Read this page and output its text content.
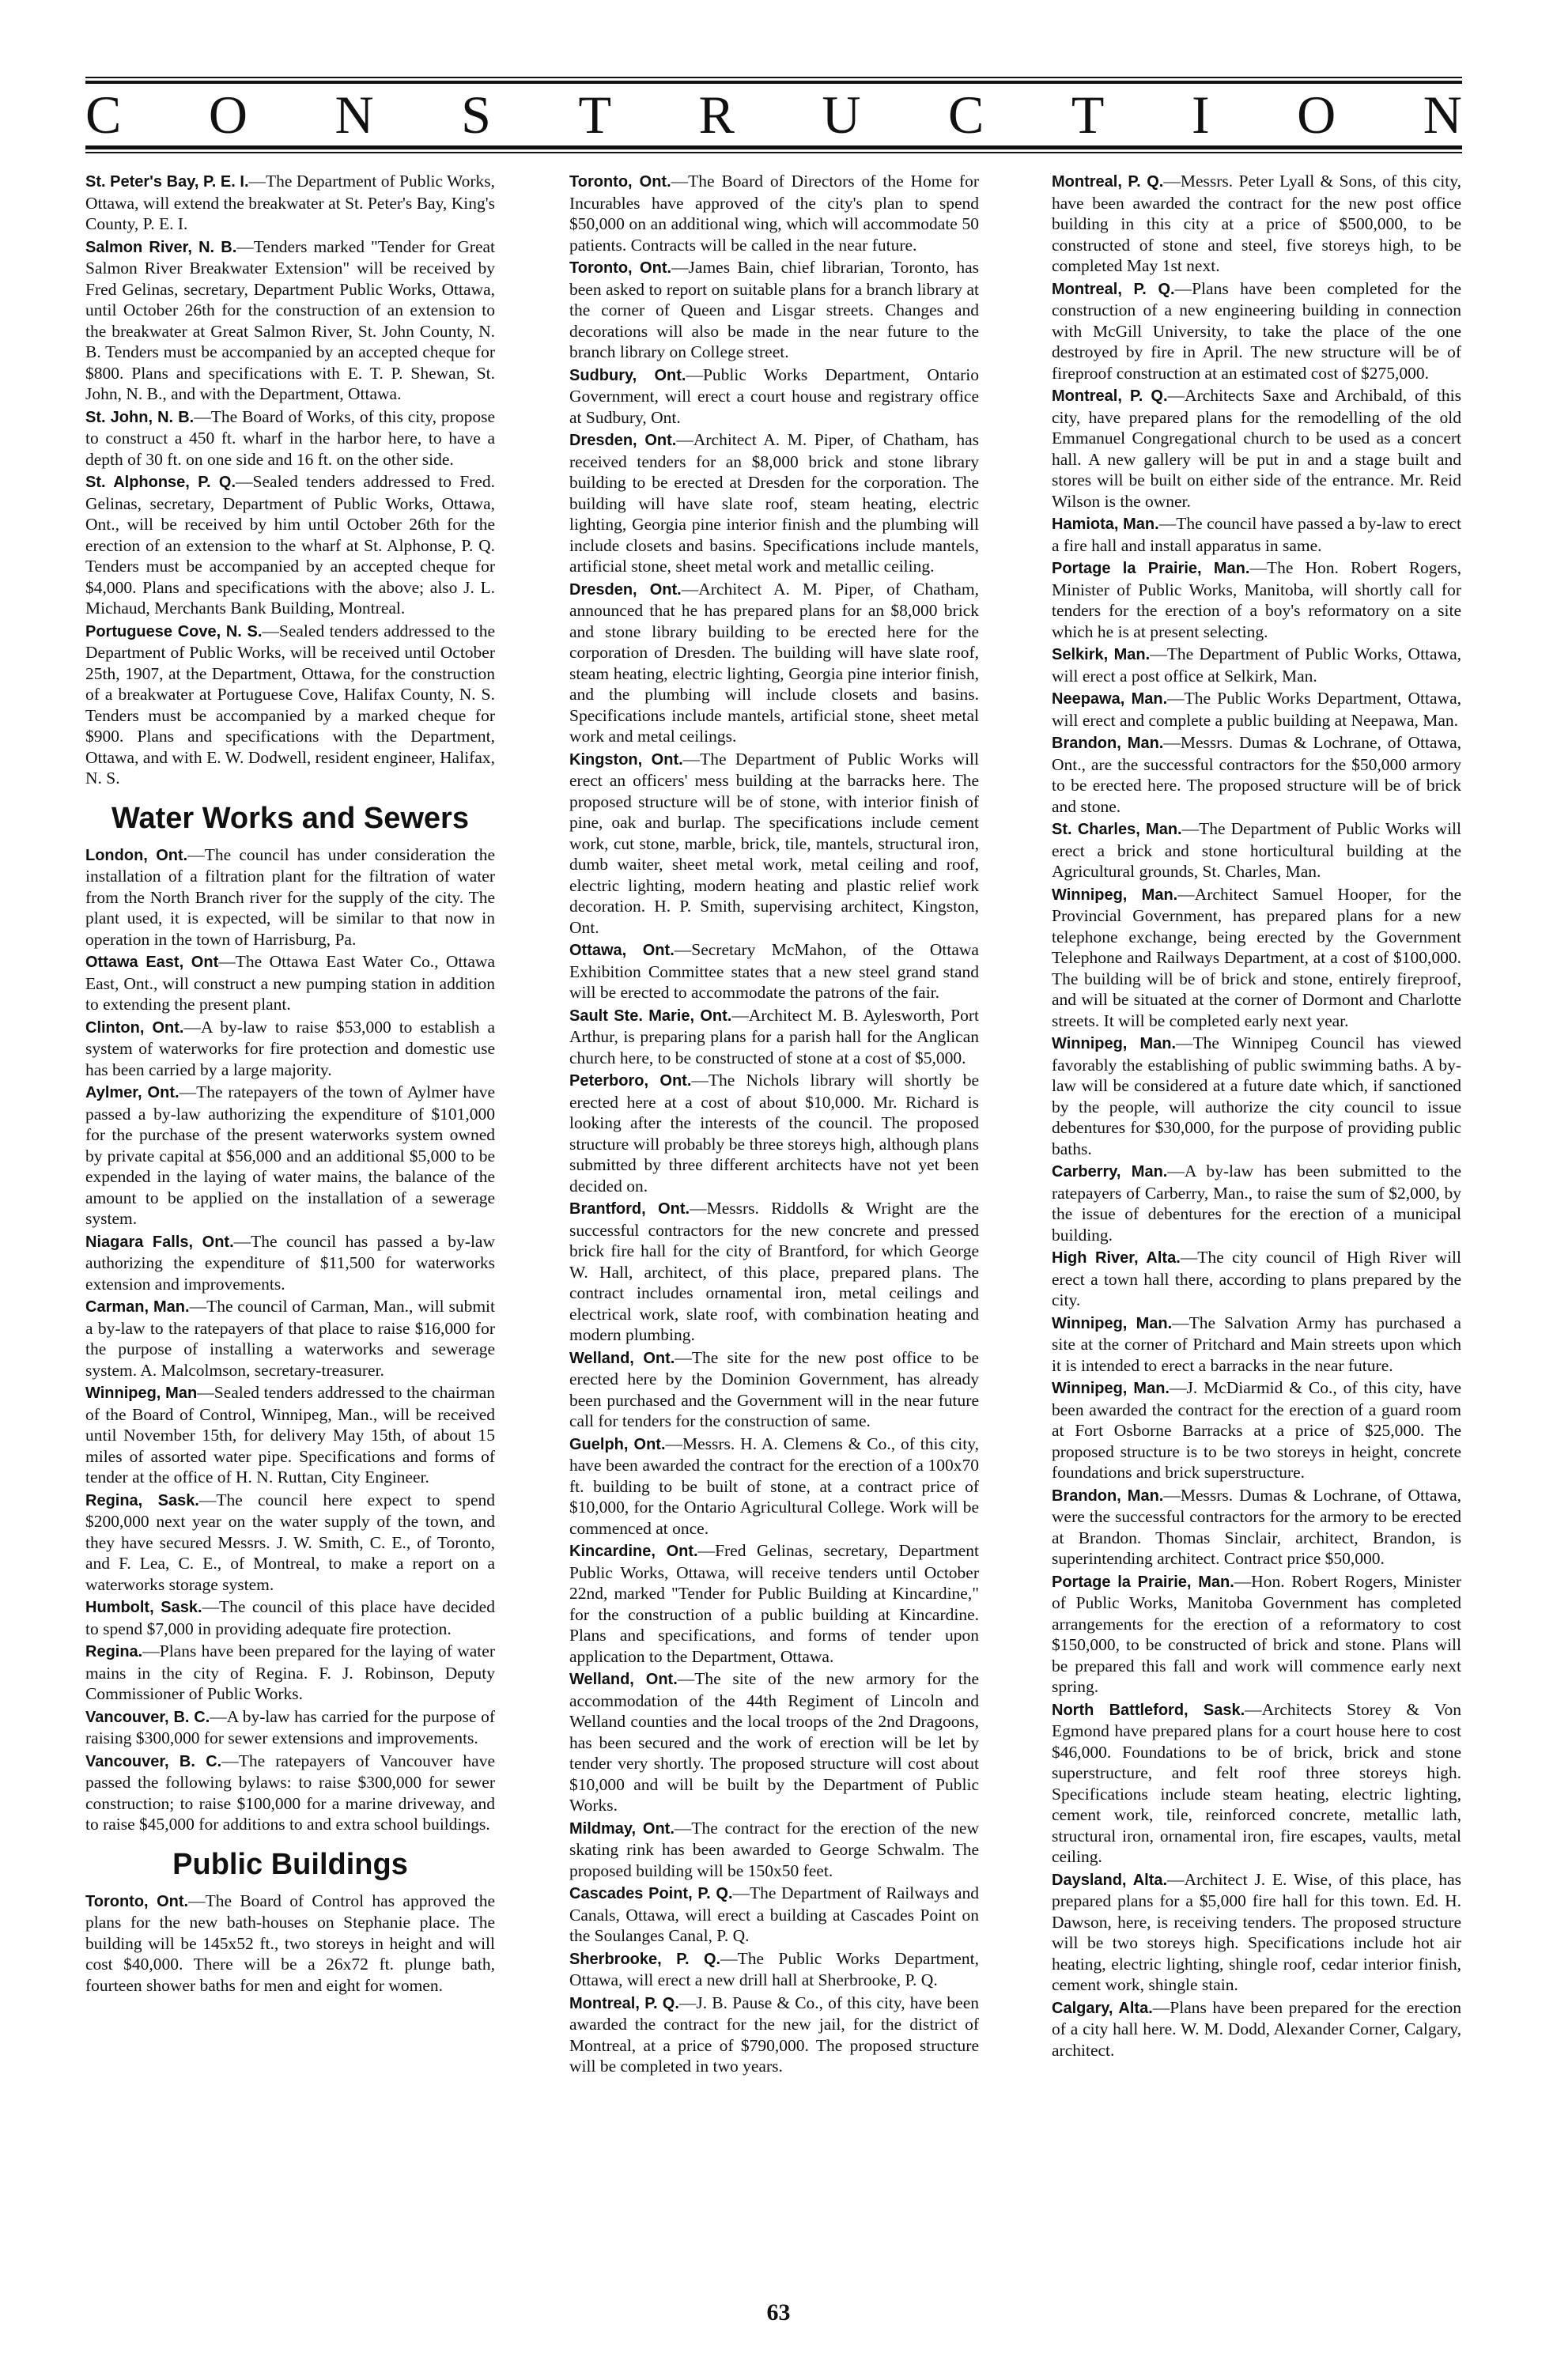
C O N S T R U C T I O N

St. Peter's Bay, P. E. I.—The Department of Public Works, Ottawa, will extend the breakwater at St. Peter's Bay, King's County, P. E. I.

Salmon River, N. B.—Tenders marked "Tender for Great Salmon River Breakwater Extension" will be received by Fred Gelinas, secretary, Department Public Works, Ottawa, until October 26th for the construction of an extension to the breakwater at Great Salmon River, St. John County, N. B. Tenders must be accompanied by an accepted cheque for $800. Plans and specifications with E. T. P. Shewan, St. John, N. B., and with the Department, Ottawa.

St. John, N. B.—The Board of Works, of this city, propose to construct a 450 ft. wharf in the harbor here, to have a depth of 30 ft. on one side and 16 ft. on the other side.

St. Alphonse, P. Q.—Sealed tenders addressed to Fred. Gelinas, secretary, Department of Public Works, Ottawa, Ont., will be received by him until October 26th for the erection of an extension to the wharf at St. Alphonse, P. Q. Tenders must be accompanied by an accepted cheque for $4,000. Plans and specifications with the above; also J. L. Michaud, Merchants Bank Building, Montreal.

Portuguese Cove, N. S.—Sealed tenders addressed to the Department of Public Works, will be received until October 25th, 1907, at the Department, Ottawa, for the construction of a breakwater at Portuguese Cove, Halifax County, N. S. Tenders must be accompanied by a marked cheque for $900. Plans and specifications with the Department, Ottawa, and with E. W. Dodwell, resident engineer, Halifax, N. S.

Water Works and Sewers

London, Ont.—The council has under consideration the installation of a filtration plant for the filtration of water from the North Branch river for the supply of the city. The plant used, it is expected, will be similar to that now in operation in the town of Harrisburg, Pa.

Ottawa East, Ont—The Ottawa East Water Co., Ottawa East, Ont., will construct a new pumping station in addition to extending the present plant.

Clinton, Ont.—A by-law to raise $53,000 to establish a system of waterworks for fire protection and domestic use has been carried by a large majority.

Aylmer, Ont.—The ratepayers of the town of Aylmer have passed a by-law authorizing the expenditure of $101,000 for the purchase of the present waterworks system owned by private capital at $56,000 and an additional $5,000 to be expended in the laying of water mains, the balance of the amount to be applied on the installation of a sewerage system.

Niagara Falls, Ont.—The council has passed a by-law authorizing the expenditure of $11,500 for waterworks extension and improvements.

Carman, Man.—The council of Carman, Man., will submit a by-law to the ratepayers of that place to raise $16,000 for the purpose of installing a waterworks and sewerage system. A. Malcolmson, secretary-treasurer.

Winnipeg, Man—Sealed tenders addressed to the chairman of the Board of Control, Winnipeg, Man., will be received until November 15th, for delivery May 15th, of about 15 miles of assorted water pipe. Specifications and forms of tender at the office of H. N. Ruttan, City Engineer.

Regina, Sask.—The council here expect to spend $200,000 next year on the water supply of the town, and they have secured Messrs. J. W. Smith, C. E., of Toronto, and F. Lea, C. E., of Montreal, to make a report on a waterworks storage system.

Humbolt, Sask.—The council of this place have decided to spend $7,000 in providing adequate fire protection.

Regina.—Plans have been prepared for the laying of water mains in the city of Regina. F. J. Robinson, Deputy Commissioner of Public Works.

Vancouver, B. C.—A by-law has carried for the purpose of raising $300,000 for sewer extensions and improvements.

Vancouver, B. C.—The ratepayers of Vancouver have passed the following bylaws: to raise $300,000 for sewer construction; to raise $100,000 for a marine driveway, and to raise $45,000 for additions to and extra school buildings.

Public Buildings

Toronto, Ont.—The Board of Control has approved the plans for the new bath-houses on Stephanie place. The building will be 145x52 ft., two storeys in height and will cost $40,000. There will be a 26x72 ft. plunge bath, fourteen shower baths for men and eight for women.

Toronto, Ont.—The Board of Directors of the Home for Incurables have approved of the city's plan to spend $50,000 on an additional wing, which will accommodate 50 patients. Contracts will be called in the near future.

Toronto, Ont.—James Bain, chief librarian, Toronto, has been asked to report on suitable plans for a branch library at the corner of Queen and Lisgar streets. Changes and decorations will also be made in the near future to the branch library on College street.

Sudbury, Ont.—Public Works Department, Ontario Government, will erect a court house and registrary office at Sudbury, Ont.

Dresden, Ont.—Architect A. M. Piper, of Chatham, has received tenders for an $8,000 brick and stone library building to be erected at Dresden for the corporation. The building will have slate roof, steam heating, electric lighting, Georgia pine interior finish and the plumbing will include closets and basins. Specifications include mantels, artificial stone, sheet metal work and metallic ceiling.

Dresden, Ont.—Architect A. M. Piper, of Chatham, announced that he has prepared plans for an $8,000 brick and stone library building to be erected here for the corporation of Dresden. The building will have slate roof, steam heating, electric lighting, Georgia pine interior finish, and the plumbing will include closets and basins. Specifications include mantels, artificial stone, sheet metal work and metal ceilings.

Kingston, Ont.—The Department of Public Works will erect an officers' mess building at the barracks here. The proposed structure will be of stone, with interior finish of pine, oak and burlap. The specifications include cement work, cut stone, marble, brick, tile, mantels, structural iron, dumb waiter, sheet metal work, metal ceiling and roof, electric lighting, modern heating and plastic relief work decoration. H. P. Smith, supervising architect, Kingston, Ont.

Ottawa, Ont.—Secretary McMahon, of the Ottawa Exhibition Committee states that a new steel grand stand will be erected to accommodate the patrons of the fair.

Sault Ste. Marie, Ont.—Architect M. B. Aylesworth, Port Arthur, is preparing plans for a parish hall for the Anglican church here, to be constructed of stone at a cost of $5,000.

Peterboro, Ont.—The Nichols library will shortly be erected here at a cost of about $10,000. Mr. Richard is looking after the interests of the council. The proposed structure will probably be three storeys high, although plans submitted by three different architects have not yet been decided on.

Brantford, Ont.—Messrs. Riddolls & Wright are the successful contractors for the new concrete and pressed brick fire hall for the city of Brantford, for which George W. Hall, architect, of this place, prepared plans. The contract includes ornamental iron, metal ceilings and electrical work, slate roof, with combination heating and modern plumbing.

Welland, Ont.—The site for the new post office to be erected here by the Dominion Government, has already been purchased and the Government will in the near future call for tenders for the construction of same.

Guelph, Ont.—Messrs. H. A. Clemens & Co., of this city, have been awarded the contract for the erection of a 100x70 ft. building to be built of stone, at a contract price of $10,000, for the Ontario Agricultural College. Work will be commenced at once.

Kincardine, Ont.—Fred Gelinas, secretary, Department Public Works, Ottawa, will receive tenders until October 22nd, marked "Tender for Public Building at Kincardine," for the construction of a public building at Kincardine. Plans and specifications, and forms of tender upon application to the Department, Ottawa.

Welland, Ont.—The site of the new armory for the accommodation of the 44th Regiment of Lincoln and Welland counties and the local troops of the 2nd Dragoons, has been secured and the work of erection will be let by tender very shortly. The proposed structure will cost about $10,000 and will be built by the Department of Public Works.

Mildmay, Ont.—The contract for the erection of the new skating rink has been awarded to George Schwalm. The proposed building will be 150x50 feet.

Cascades Point, P. Q.—The Department of Railways and Canals, Ottawa, will erect a building at Cascades Point on the Soulanges Canal, P. Q.

Sherbrooke, P. Q.—The Public Works Department, Ottawa, will erect a new drill hall at Sherbrooke, P. Q.

Montreal, P. Q.—J. B. Pause & Co., of this city, have been awarded the contract for the new jail, for the district of Montreal, at a price of $790,000. The proposed structure will be completed in two years.

Montreal, P. Q.—Messrs. Peter Lyall & Sons, of this city, have been awarded the contract for the new post office building in this city at a price of $500,000, to be constructed of stone and steel, five storeys high, to be completed May 1st next.

Montreal, P. Q.—Plans have been completed for the construction of a new engineering building in connection with McGill University, to take the place of the one destroyed by fire in April. The new structure will be of fireproof construction at an estimated cost of $275,000.

Montreal, P. Q.—Architects Saxe and Archibald, of this city, have prepared plans for the remodelling of the old Emmanuel Congregational church to be used as a concert hall. A new gallery will be put in and a stage built and stores will be built on either side of the entrance. Mr. Reid Wilson is the owner.

Hamiota, Man.—The council have passed a by-law to erect a fire hall and install apparatus in same.

Portage la Prairie, Man.—The Hon. Robert Rogers, Minister of Public Works, Manitoba, will shortly call for tenders for the erection of a boy's reformatory on a site which he is at present selecting.

Selkirk, Man.—The Department of Public Works, Ottawa, will erect a post office at Selkirk, Man.

Neepawa, Man.—The Public Works Department, Ottawa, will erect and complete a public building at Neepawa, Man.

Brandon, Man.—Messrs. Dumas & Lochrane, of Ottawa, Ont., are the successful contractors for the $50,000 armory to be erected here. The proposed structure will be of brick and stone.

St. Charles, Man.—The Department of Public Works will erect a brick and stone horticultural building at the Agricultural grounds, St. Charles, Man.

Winnipeg, Man.—Architect Samuel Hooper, for the Provincial Government, has prepared plans for a new telephone exchange, being erected by the Government Telephone and Railways Department, at a cost of $100,000. The building will be of brick and stone, entirely fireproof, and will be situated at the corner of Dormont and Charlotte streets. It will be completed early next year.

Winnipeg, Man.—The Winnipeg Council has viewed favorably the establishing of public swimming baths. A by-law will be considered at a future date which, if sanctioned by the people, will authorize the city council to issue debentures for $30,000, for the purpose of providing public baths.

Carberry, Man.—A by-law has been submitted to the ratepayers of Carberry, Man., to raise the sum of $2,000, by the issue of debentures for the erection of a municipal building.

High River, Alta.—The city council of High River will erect a town hall there, according to plans prepared by the city.

Winnipeg, Man.—The Salvation Army has purchased a site at the corner of Pritchard and Main streets upon which it is intended to erect a barracks in the near future.

Winnipeg, Man.—J. McDiarmid & Co., of this city, have been awarded the contract for the erection of a guard room at Fort Osborne Barracks at a price of $25,000. The proposed structure is to be two storeys in height, concrete foundations and brick superstructure.

Brandon, Man.—Messrs. Dumas & Lochrane, of Ottawa, were the successful contractors for the armory to be erected at Brandon. Thomas Sinclair, architect, Brandon, is superintending architect. Contract price $50,000.

Portage la Prairie, Man.—Hon. Robert Rogers, Minister of Public Works, Manitoba Government has completed arrangements for the erection of a reformatory to cost $150,000, to be constructed of brick and stone. Plans will be prepared this fall and work will commence early next spring.

North Battleford, Sask.—Architects Storey & Von Egmond have prepared plans for a court house here to cost $46,000. Foundations to be of brick, brick and stone superstructure, and felt roof three storeys high. Specifications include steam heating, electric lighting, cement work, tile, reinforced concrete, metallic lath, structural iron, ornamental iron, fire escapes, vaults, metal ceiling.

Daysland, Alta.—Architect J. E. Wise, of this place, has prepared plans for a $5,000 fire hall for this town. Ed. H. Dawson, here, is receiving tenders. The proposed structure will be two storeys high. Specifications include hot air heating, electric lighting, shingle roof, cedar interior finish, cement work, shingle stain.

Calgary, Alta.—Plans have been prepared for the erection of a city hall here. W. M. Dodd, Alexander Corner, Calgary, architect.

63
